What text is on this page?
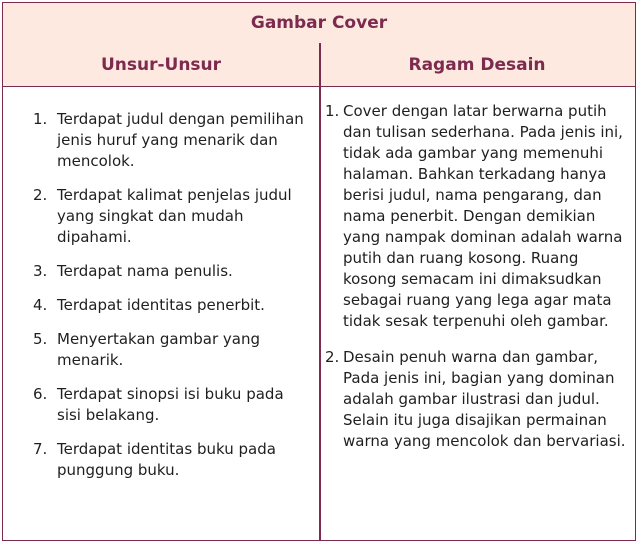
Gambar Cover
Unsur-Unsur	Ragam Desain
1. Terdapat judul dengan pemilihan jenis huruf yang menarik dan mencolok.
2. Terdapat kalimat penjelas judul yang singkat dan mudah dipahami.
3. Terdapat nama penulis.
4. Terdapat identitas penerbit.
5. Menyertakan gambar yang menarik.
6. Terdapat sinopsi isi buku pada sisi belakang.
7. Terdapat identitas buku pada punggung buku.
1. Cover dengan latar berwarna putih dan tulisan sederhana. Pada jenis ini, tidak ada gambar yang memenuhi halaman. Bahkan terkadang hanya berisi judul, nama pengarang, dan nama penerbit. Dengan demikian yang nampak dominan adalah warna putih dan ruang kosong. Ruang kosong semacam ini dimaksudkan sebagai ruang yang lega agar mata tidak sesak terpenuhi oleh gambar.
2. Desain penuh warna dan gambar, Pada jenis ini, bagian yang dominan adalah gambar ilustrasi dan judul. Selain itu juga disajikan permainan warna yang mencolok dan bervariasi.
